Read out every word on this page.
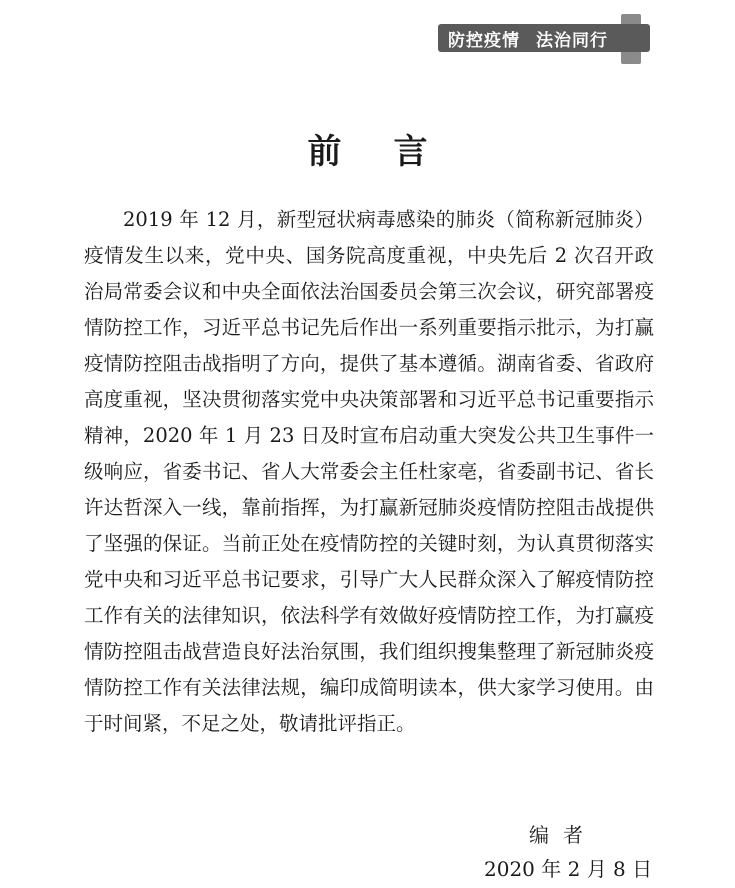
防控疫情 法治同行
前言

2019 年 12 月，新型冠状病毒感染的肺炎（简称新冠肺炎）疫情发生以来，党中央、国务院高度重视，中央先后 2 次召开政治局常委会议和中央全面依法治国委员会第三次会议，研究部署疫情防控工作，习近平总书记先后作出一系列重要指示批示，为打赢疫情防控阻击战指明了方向，提供了基本遵循。湖南省委、省政府高度重视，坚决贯彻落实党中央决策部署和习近平总书记重要指示精神，2020 年 1 月 23 日及时宣布启动重大突发公共卫生事件一级响应，省委书记、省人大常委会主任杜家亳，省委副书记、省长许达哲深入一线，靠前指挥，为打赢新冠肺炎疫情防控阻击战提供了坚强的保证。当前正处在疫情防控的关键时刻，为认真贯彻落实党中央和习近平总书记要求，引导广大人民群众深入了解疫情防控工作有关的法律知识，依法科学有效做好疫情防控工作，为打赢疫情防控阻击战营造良好法治氛围，我们组织搜集整理了新冠肺炎疫情防控工作有关法律法规，编印成简明读本，供大家学习使用。由于时间紧，不足之处，敬请批评指正。

编者
2020 年 2 月 8 日
